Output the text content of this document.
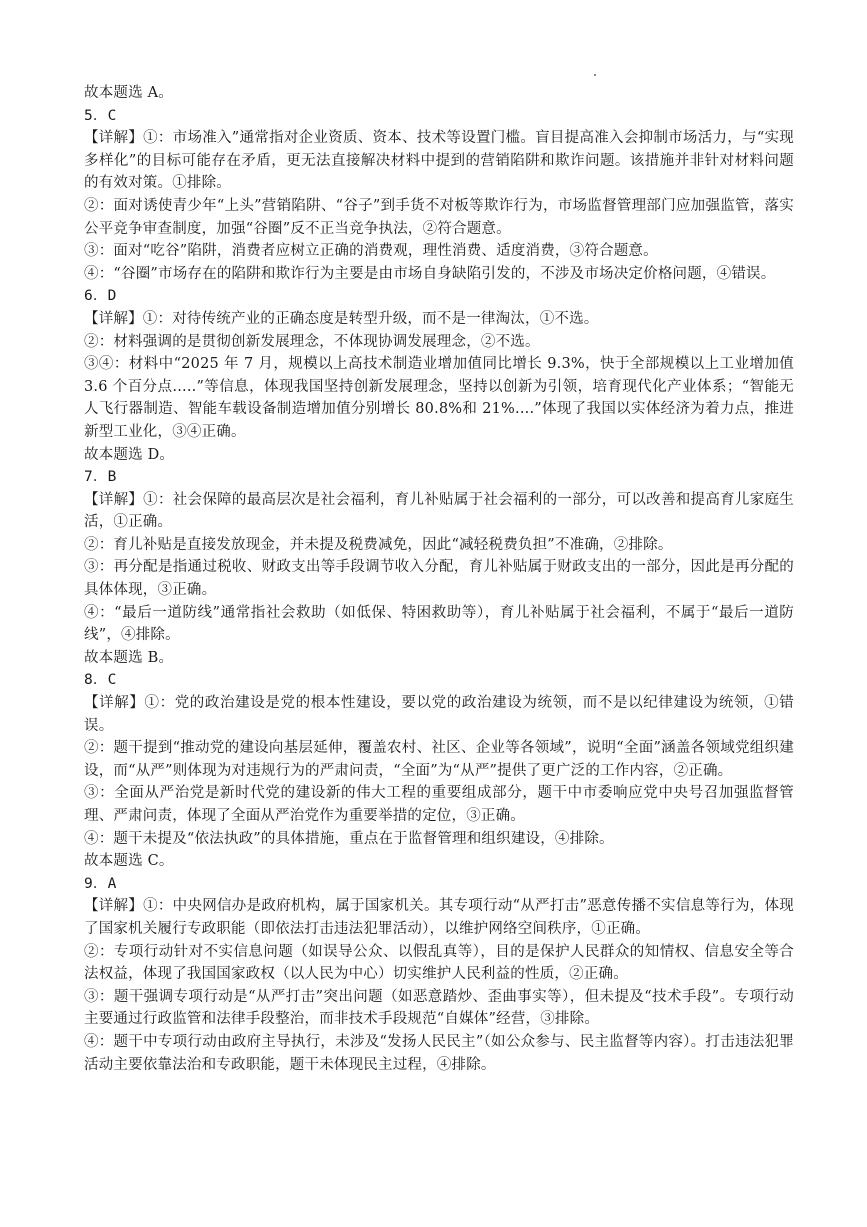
故本题选 A。

5．C

【详解】①：市场准入”通常指对企业资质、资本、技术等设置门槛。盲目提高准入会抑制市场活力，与“实现多样化”的目标可能存在矛盾，更无法直接解决材料中提到的营销陷阱和欺诈问题。该措施并非针对材料问题的有效对策。①排除。

②：面对诱使青少年“上头”营销陷阱、“谷子”到手货不对板等欺诈行为，市场监督管理部门应加强监管，落实公平竞争审查制度，加强“谷圈”反不正当竞争执法，②符合题意。

③：面对“吃谷”陷阱，消费者应树立正确的消费观，理性消费、适度消费，③符合题意。

④：“谷圈”市场存在的陷阱和欺诈行为主要是由市场自身缺陷引发的，不涉及市场决定价格问题，④错误。

6．D

【详解】①：对待传统产业的正确态度是转型升级，而不是一律淘汰，①不选。

②：材料强调的是贯彻创新发展理念，不体现协调发展理念，②不选。

③④：材料中“2025 年 7 月，规模以上高技术制造业增加值同比增长 9.3%，快于全部规模以上工业增加值 3.6 个百分点.....”等信息，体现我国坚持创新发展理念，坚持以创新为引领，培育现代化产业体系；“智能无人飞行器制造、智能车载设备制造增加值分别增长 80.8%和 21%....”体现了我国以实体经济为着力点，推进新型工业化，③④正确。

故本题选 D。

7．B

【详解】①：社会保障的最高层次是社会福利，育儿补贴属于社会福利的一部分，可以改善和提高育儿家庭生活，①正确。

②：育儿补贴是直接发放现金，并未提及税费减免，因此“减轻税费负担”不准确，②排除。

③：再分配是指通过税收、财政支出等手段调节收入分配，育儿补贴属于财政支出的一部分，因此是再分配的具体体现，③正确。

④：“最后一道防线”通常指社会救助（如低保、特困救助等），育儿补贴属于社会福利，不属于“最后一道防线”，④排除。

故本题选 B。

8．C

【详解】①：党的政治建设是党的根本性建设，要以党的政治建设为统领，而不是以纪律建设为统领，①错误。

②：题干提到“推动党的建设向基层延伸，覆盖农村、社区、企业等各领域”，说明“全面”涵盖各领域党组织建设，而“从严”则体现为对违规行为的严肃问责，“全面”为“从严”提供了更广泛的工作内容，②正确。

③：全面从严治党是新时代党的建设新的伟大工程的重要组成部分，题干中市委响应党中央号召加强监督管理、严肃问责，体现了全面从严治党作为重要举措的定位，③正确。

④：题干未提及“依法执政”的具体措施，重点在于监督管理和组织建设，④排除。

故本题选 C。

9．A

【详解】①：中央网信办是政府机构，属于国家机关。其专项行动“从严打击”恶意传播不实信息等行为，体现了国家机关履行专政职能（即依法打击违法犯罪活动），以维护网络空间秩序，①正确。

②：专项行动针对不实信息问题（如误导公众、以假乱真等），目的是保护人民群众的知情权、信息安全等合法权益，体现了我国国家政权（以人民为中心）切实维护人民利益的性质，②正确。

③：题干强调专项行动是“从严打击”突出问题（如恶意踏炒、歪曲事实等），但未提及“技术手段”。专项行动主要通过行政监管和法律手段整治，而非技术手段规范“自媒体”经营，③排除。

④：题干中专项行动由政府主导执行，未涉及“发扬人民民主”（如公众参与、民主监督等内容）。打击违法犯罪活动主要依靠法治和专政职能，题干未体现民主过程，④排除。
